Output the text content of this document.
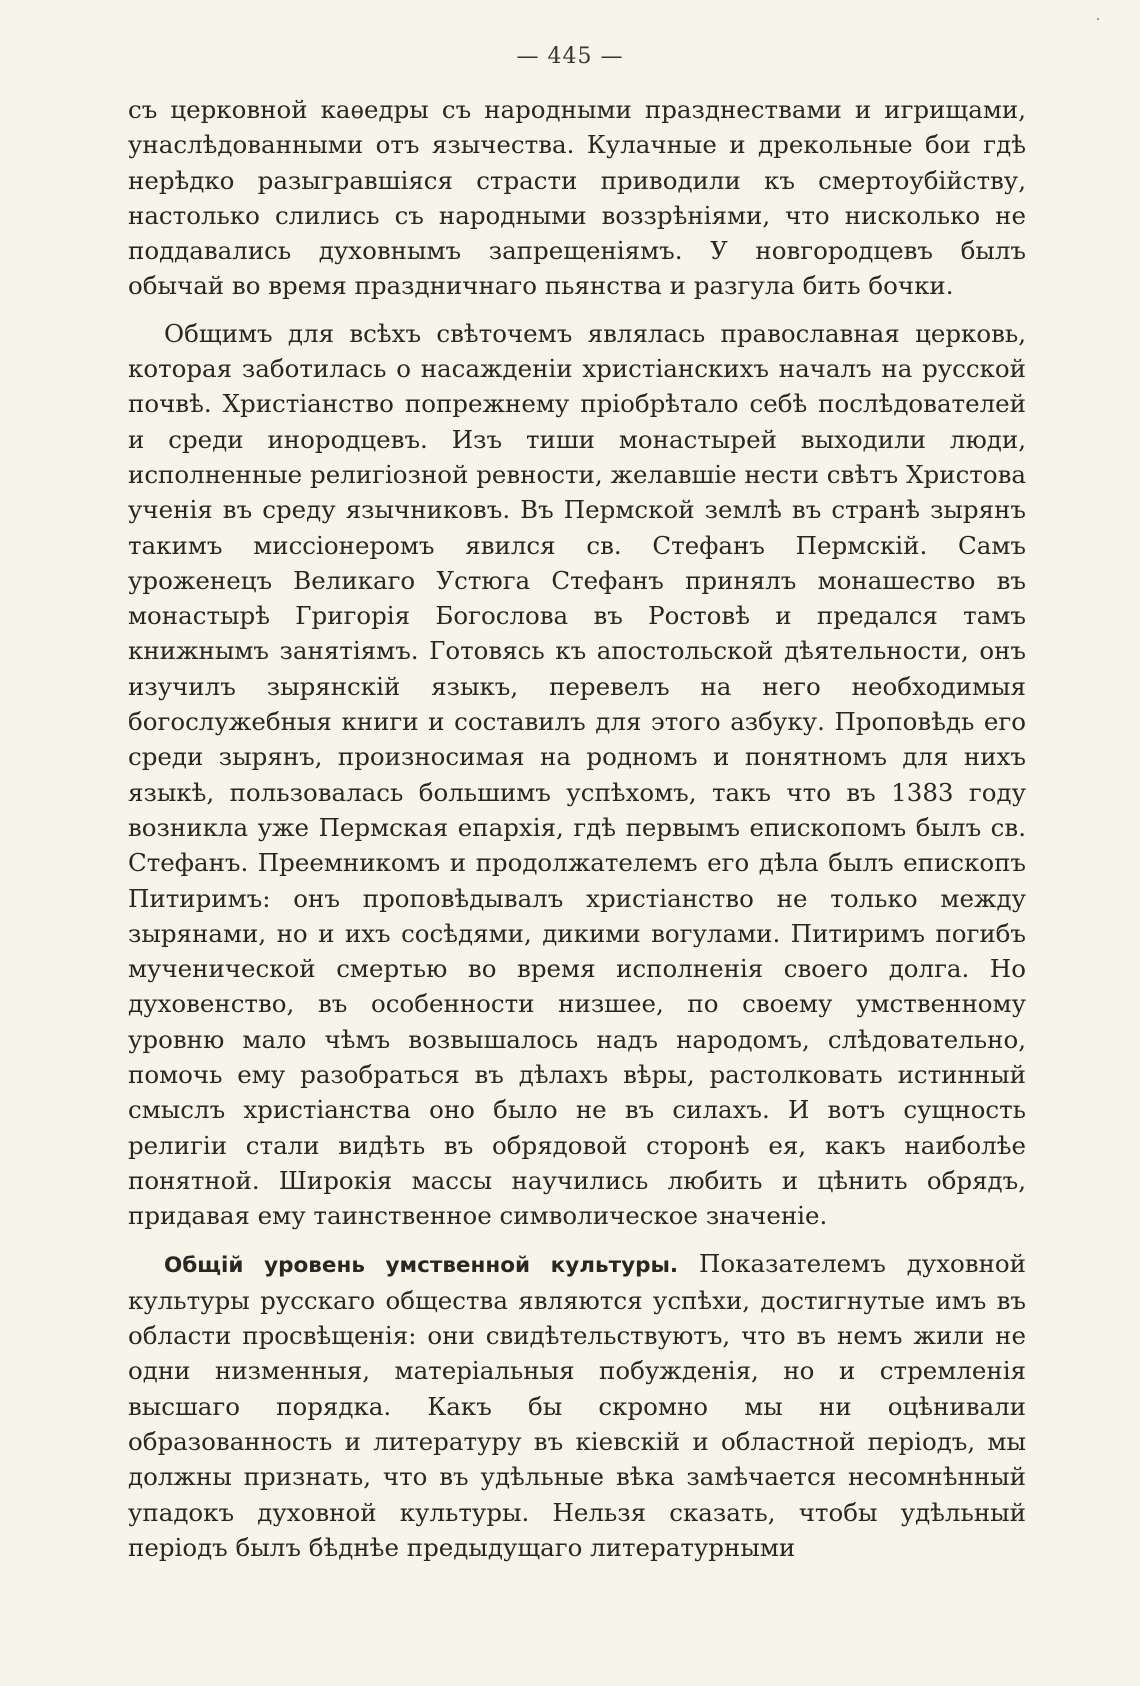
— 445 —

съ церковной каѳедры съ народными празднествами и игрищами, унаслѣдованными отъ язычества. Кулачные и дрекольные бои гдѣ нерѣдко разыгравшіяся страсти приводили къ смертоубійству, настолько слились съ народными воззрѣніями, что нисколько не поддавались духовнымъ запрещеніямъ. У новгородцевъ былъ обычай во время праздничнаго пьянства и разгула бить бочки.

Общимъ для всѣхъ свѣточемъ являлась православная церковь, которая заботилась о насажденіи христіанскихъ началъ на русской почвѣ. Христіанство попрежнему пріобрѣтало себѣ послѣдователей и среди инородцевъ. Изъ тиши монастырей выходили люди, исполненные религіозной ревности, желавшіе нести свѣтъ Христова ученія въ среду язычниковъ. Въ Пермской землѣ въ странѣ зырянъ такимъ миссіонеромъ явился св. Стефанъ Пермскій. Самъ уроженецъ Великаго Устюга Стефанъ принялъ монашество въ монастырѣ Григорія Богослова въ Ростовѣ и предался тамъ книжнымъ занятіямъ. Готовясь къ апостольской дѣятельности, онъ изучилъ зырянскій языкъ, перевелъ на него необходимыя богослужебныя книги и составилъ для этого азбуку. Проповѣдь его среди зырянъ, произносимая на родномъ и понятномъ для нихъ языкѣ, пользовалась большимъ успѣхомъ, такъ что въ 1383 году возникла уже Пермская епархія, гдѣ первымъ епископомъ былъ св. Стефанъ. Преемникомъ и продолжателемъ его дѣла былъ епископъ Питиримъ: онъ проповѣдывалъ христіанство не только между зырянами, но и ихъ сосѣдями, дикими вогулами. Питиримъ погибъ мученической смертью во время исполненія своего долга. Но духовенство, въ особенности низшее, по своему умственному уровню мало чѣмъ возвышалось надъ народомъ, слѣдовательно, помочь ему разобраться въ дѣлахъ вѣры, растолковать истинный смыслъ христіанства оно было не въ силахъ. И вотъ сущность религіи стали видѣть въ обрядовой сторонѣ ея, какъ наиболѣе понятной. Широкія массы научились любить и цѣнить обрядъ, придавая ему таинственное символическое значеніе.

Общій уровень умственной культуры. Показателемъ духовной культуры русскаго общества являются успѣхи, достигнутые имъ въ области просвѣщенія: они свидѣтельствуютъ, что въ немъ жили не одни низменныя, матеріальныя побужденія, но и стремленія высшаго порядка. Какъ бы скромно мы ни оцѣнивали образованность и литературу въ кіевскій и областной періодъ, мы должны признать, что въ удѣльные вѣка замѣчается несомнѣнный упадокъ духовной культуры. Нельзя сказать, чтобы удѣльный періодъ былъ бѣднѣе предыдущаго литературными
